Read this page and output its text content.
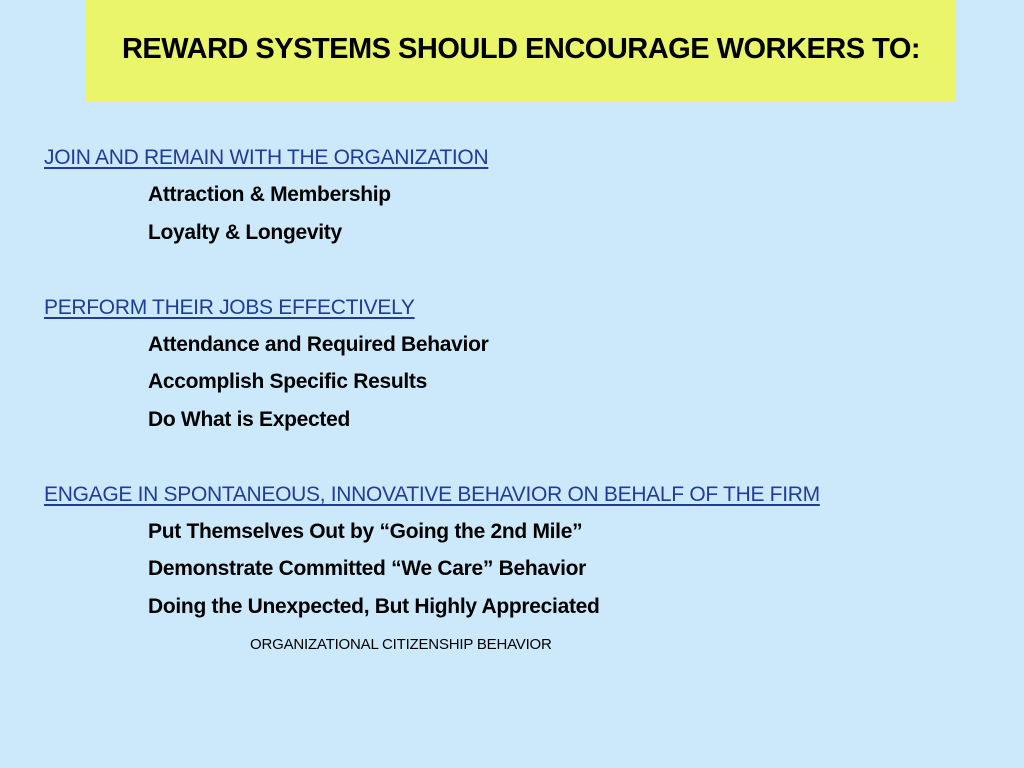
REWARD SYSTEMS SHOULD ENCOURAGE WORKERS TO:
JOIN AND REMAIN WITH THE ORGANIZATION
Attraction & Membership
Loyalty & Longevity
PERFORM THEIR JOBS EFFECTIVELY
Attendance and Required Behavior
Accomplish Specific Results
Do What is Expected
ENGAGE IN SPONTANEOUS, INNOVATIVE BEHAVIOR ON BEHALF OF THE FIRM
Put Themselves Out by “Going the 2nd Mile”
Demonstrate Committed “We Care” Behavior
Doing the Unexpected, But Highly Appreciated
ORGANIZATIONAL CITIZENSHIP BEHAVIOR
